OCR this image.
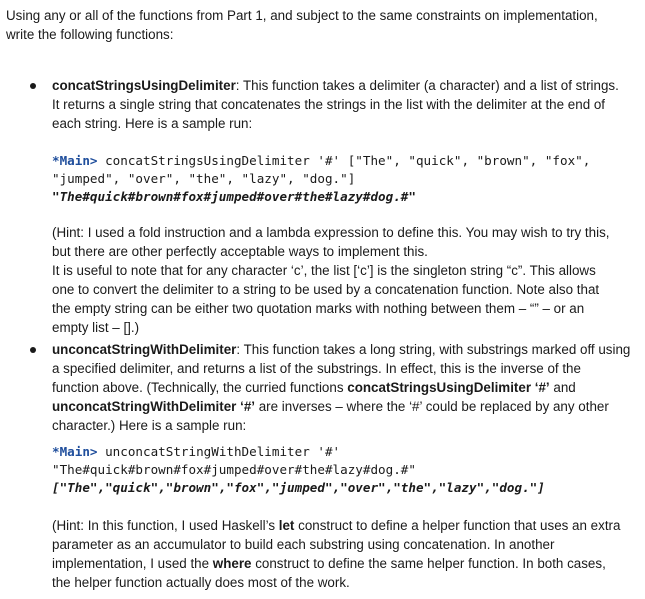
Using any or all of the functions from Part 1, and subject to the same constraints on implementation,

write the following functions:

concatStringsUsingDelimiter: This function takes a delimiter (a character) and a list of strings.

It returns a single string that concatenates the strings in the list with the delimiter at the end of

each string. Here is a sample run:

*Main> concatStringsUsingDelimiter '#' ["The", "quick", "brown", "fox",
"jumped", "over", "the", "lazy", "dog."]
"The#quick#brown#fox#jumped#over#the#lazy#dog.#"

(Hint: I used a fold instruction and a lambda expression to define this. You may wish to try this,

but there are other perfectly acceptable ways to implement this.

It is useful to note that for any character ‘c’, the list [‘c’] is the singleton string “c”. This allows

one to convert the delimiter to a string to be used by a concatenation function. Note also that

the empty string can be either two quotation marks with nothing between them – “” – or an

empty list – [].)

unconcatStringWithDelimiter: This function takes a long string, with substrings marked off using

a specified delimiter, and returns a list of the substrings. In effect, this is the inverse of the

function above. (Technically, the curried functions concatStringsUsingDelimiter ‘#’ and

unconcatStringWithDelimiter ‘#’ are inverses – where the ‘#’ could be replaced by any other

character.) Here is a sample run:

*Main> unconcatStringWithDelimiter '#'
"The#quick#brown#fox#jumped#over#the#lazy#dog.#"
["The","quick","brown","fox","jumped","over","the","lazy","dog."]

(Hint: In this function, I used Haskell’s let construct to define a helper function that uses an extra

parameter as an accumulator to build each substring using concatenation. In another

implementation, I used the where construct to define the same helper function. In both cases,

the helper function actually does most of the work.
